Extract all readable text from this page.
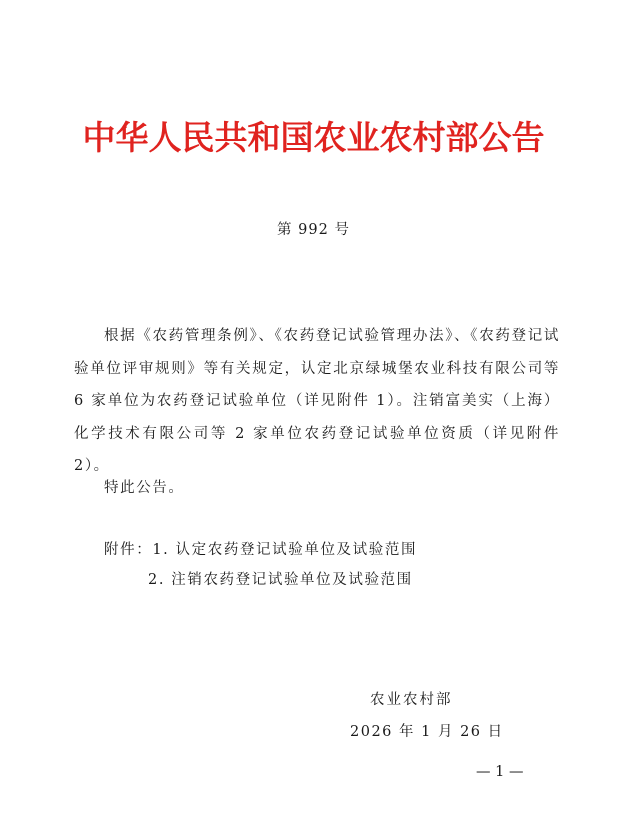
中华人民共和国农业农村部公告
第 992 号

根据《农药管理条例》、《农药登记试验管理办法》、《农药登记试验单位评审规则》等有关规定，认定北京绿城堡农业科技有限公司等 6 家单位为农药登记试验单位（详见附件 1）。注销富美实（上海）化学技术有限公司等 2 家单位农药登记试验单位资质（详见附件 2）。

特此公告。

附件：1. 认定农药登记试验单位及试验范围
2. 注销农药登记试验单位及试验范围
农业农村部
2026 年 1 月 26 日
— 1 —
